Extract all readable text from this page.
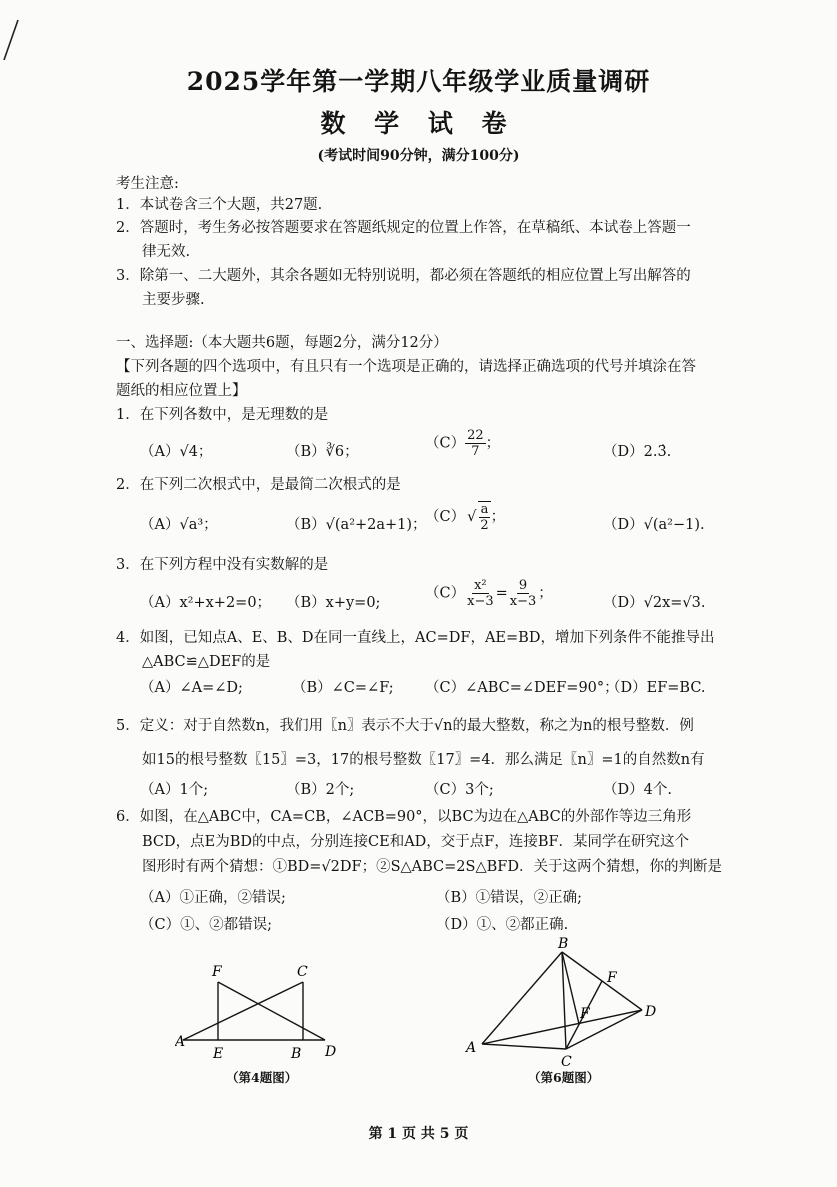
2025学年第一学期八年级学业质量调研
数 学 试 卷
(考试时间90分钟，满分100分)
考生注意:
1．本试卷含三个大题，共27题.
2．答题时，考生务必按答题要求在答题纸规定的位置上作答，在草稿纸、本试卷上答题一
律无效.
3．除第一、二大题外，其余各题如无特别说明，都必须在答题纸的相应位置上写出解答的
主要步骤.
一、选择题:（本大题共6题，每题2分，满分12分）
【下列各题的四个选项中，有且只有一个选项是正确的，请选择正确选项的代号并填涂在答
题纸的相应位置上】
1．在下列各数中，是无理数的是
（A）√4；	（B）∛6；
$(C) \frac{22}{7}$ ；
（D）2.3̇.
2．在下列二次根式中，是最简二次根式的是
（A）√a³；	（B）√(a²+2a+1)；
（C） √ $\frac{a}{2}$ ；	（D）√(a²−1).
3．在下列方程中没有实数解的是
（A）x²+x+2=0； （B）x+y=0;
$(C) \frac{\text{x²}}{x-3} = \frac{9}{x-3}$ ；
（D）√2x=√3.
4．如图，已知点A、E、B、D在同一直线上，AC=DF，AE=BD，增加下列条件不能推导出
△ABC≌△DEF的是
（A）∠A=∠D;	（B）∠C=∠F; （C）∠ABC=∠DEF=90°；
（D）EF=BC.
5．定义：对于自然数n，我们用〖n〗表示不大于√n的最大整数，称之为n的根号整数．例
如15的根号整数〖15〗=3，17的根号整数〖17〗=4．那么满足〖n〗=1的自然数n有
（A）1个;	（B）2个;	（C）3个;	（D）4个.
6．如图，在△ABC中，CA=CB，∠ACB=90°，以BC为边在△ABC的外部作等边三角形
BCD，点E为BD的中点，分别连接CE和AD，交于点F，连接BF．某同学在研究这个
图形时有两个猜想：①BD=√2DF；②S△ABC=2S△BFD．关于这两个猜想，你的判断是
（A）①正确，②错误;	（B）①错误，②正确;
（C）①、②都错误;	（D）①、②都正确.
F	C
A
E	B D
（第4题图）
B
F
F	D
A
C
（第6题图）
第 1 页 共 5 页
